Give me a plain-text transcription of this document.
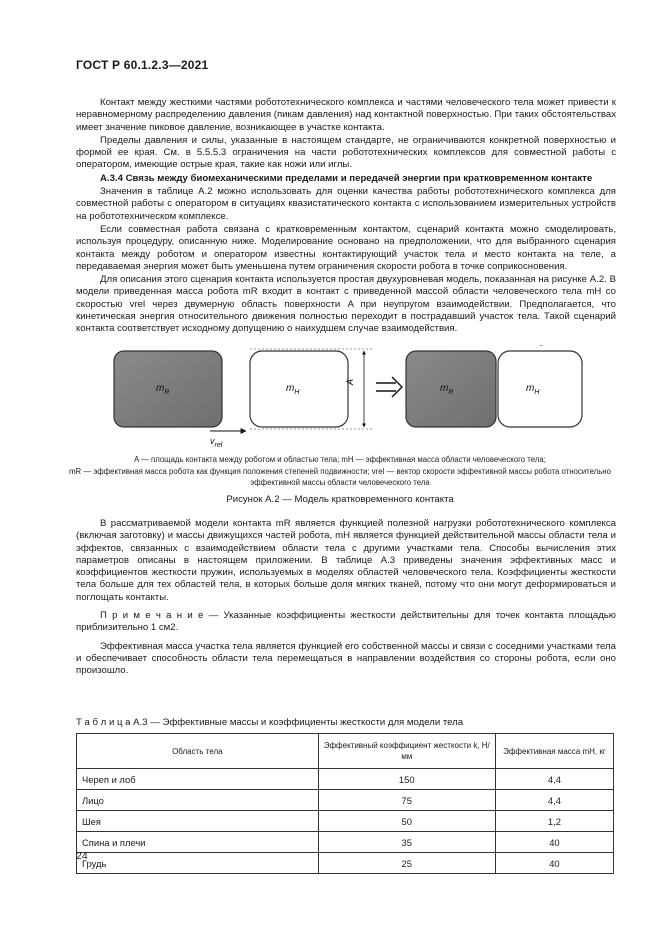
ГОСТ Р 60.1.2.3—2021

Контакт между жесткими частями робототехнического комплекса и частями человеческого тела может привести к неравномерному распределению давления (пикам давления) над контактной поверхностью. При таких обстоятельствах имеет значение пиковое давление, возникающее в участке контакта.

Пределы давления и силы, указанные в настоящем стандарте, не ограничиваются конкретной поверхностью и формой ее края. См. в 5.5.5.3 ограничения на части робототехнических комплексов для совместной работы с оператором, имеющие острые края, такие как ножи или иглы.

А.3.4 Связь между биомеханическими пределами и передачей энергии при кратковременном контакте

Значения в таблице А.2 можно использовать для оценки качества работы робототехнического комплекса для совместной работы с оператором в ситуациях квазистатического контакта с использованием измерительных устройств на робототехническом комплексе.

Если совместная работа связана с кратковременным контактом, сценарий контакта можно смоделировать, используя процедуру, описанную ниже. Моделирование основано на предположении, что для выбранного сценария контакта между роботом и оператором известны контактирующий участок тела и место контакта на теле, а передаваемая энергия может быть уменьшена путем ограничения скорости робота в точке соприкосновения.

Для описания этого сценария контакта используется простая двухуровневая модель, показанная на рисунке А.2. В модели приведенная масса робота mR входит в контакт с приведенной массой области человеческого тела mH со скоростью vrel через двумерную область поверхности A при неупругом взаимодействии. Предполагается, что кинетическая энергия относительного движения полностью переходит в пострадавший участок тела. Такой сценарий контакта соответствует исходному допущению о наихудшем случае взаимодействия.

$m_R$	$m_H$
A
$v_{rel}$
$m_R$	$m_H$
A — площадь контакта между роботом и областью тела; mH — эффективная масса области человеческого тела;
mR — эффективная масса робота как функция положения степеней подвижности; vrel — вектор скорости эффективной массы робота относительно эффективной массы области человеческого тела
Рисунок А.2 — Модель кратковременного контакта

В рассматриваемой модели контакта mR является функцией полезной нагрузки робототехнического комплекса (включая заготовку) и массы движущихся частей робота, mH является функцией действительной массы области тела и эффектов, связанных с взаимодействием области тела с другими участками тела. Способы вычисления этих параметров описаны в настоящем приложении. В таблице А.3 приведены значения эффективных масс и коэффициентов жесткости пружин, используемых в моделях областей человеческого тела. Коэффициенты жесткости тела больше для тех областей тела, в которых больше доля мягких тканей, потому что они могут деформироваться и поглощать контакты.

П р и м е ч а н и е — Указанные коэффициенты жесткости действительны для точек контакта площадью приблизительно 1 см2.

Эффективная масса участка тела является функцией его собственной массы и связи с соседними участками тела и обеспечивает способность области тела перемещаться в направлении воздействия со стороны робота, если оно произошло.

Т а б л и ц а А.3 — Эффективные массы и коэффициенты жесткости для модели тела
Область тела	Эффективный коэффициент жесткости k, Н/мм	Эффективная масса mH, кг
Череп и лоб	150	4,4
Лицо	75	4,4
Шея	50	1,2
Спина и плечи	35	40
Грудь	25	40
24
